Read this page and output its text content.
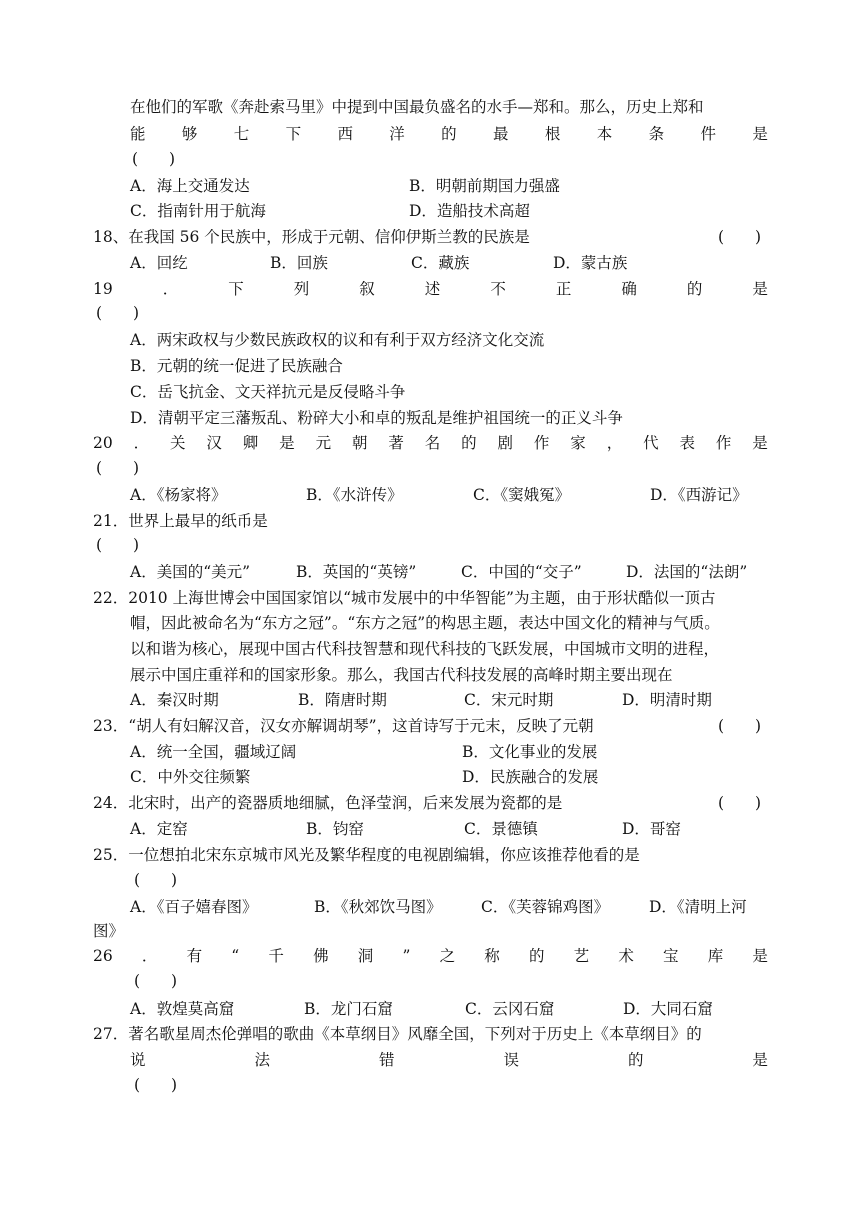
在他们的军歌《奔赴索马里》中提到中国最负盛名的水手—郑和。那么，历史上郑和
能 够 七 下 西 洋 的 最 根 本 条 件 是
(　　)
A．海上交通发达	B．明朝前期国力强盛
C．指南针用于航海	D．造船技术高超
18、在我国 56 个民族中，形成于元朝、信仰伊斯兰教的民族是	(　　)
A．回纥	B．回族	C．藏族	D．蒙古族
19	．	下	列	叙	述	不	正	确	的	是
(　　)
A．两宋政权与少数民族政权的议和有利于双方经济文化交流
B．元朝的统一促进了民族融合
C．岳飞抗金、文天祥抗元是反侵略斗争
D．清朝平定三藩叛乱、粉碎大小和卓的叛乱是维护祖国统一的正义斗争
20 ． 关 汉 卿 是 元 朝 著 名 的 剧 作 家 ， 代 表 作 是
(　　)
A．《杨家将》	B．《水浒传》	C．《窦娥冤》	D．《西游记》
21．世界上最早的纸币是
(　　)
A．美国的“美元”	B．英国的“英镑”	C．中国的“交子”	D．法国的“法朗”
22．2010 上海世博会中国国家馆以“城市发展中的中华智能”为主题，由于形状酷似一顶古
帽，因此被命名为“东方之冠”。“东方之冠”的构思主题，表达中国文化的精神与气质。
以和谐为核心，展现中国古代科技智慧和现代科技的飞跃发展，中国城市文明的进程，
展示中国庄重祥和的国家形象。那么，我国古代科技发展的高峰时期主要出现在
A．秦汉时期	B．隋唐时期	C．宋元时期	D．明清时期
23．“胡人有妇解汉音，汉女亦解调胡琴”，这首诗写于元末，反映了元朝	(　　)
A．统一全国，疆域辽阔	B．文化事业的发展
C．中外交往频繁	D．民族融合的发展
24．北宋时，出产的瓷器质地细腻，色泽莹润，后来发展为瓷都的是	(　　)
A．定窑	B．钧窑	C．景德镇	D．哥窑
25．一位想拍北宋东京城市风光及繁华程度的电视剧编辑，你应该推荐他看的是
(　　)
A．《百子嬉春图》	B．《秋郊饮马图》	C．《芙蓉锦鸡图》	D．《清明上河
图》
26 ． 有 “ 千 佛 洞 ” 之 称 的 艺 术 宝 库 是
(　　)
A．敦煌莫高窟	B．龙门石窟	C．云冈石窟	D．大同石窟
27．著名歌星周杰伦弹唱的歌曲《本草纲目》风靡全国，下列对于历史上《本草纲目》的
说	法	错	误	的	是
(　　)
